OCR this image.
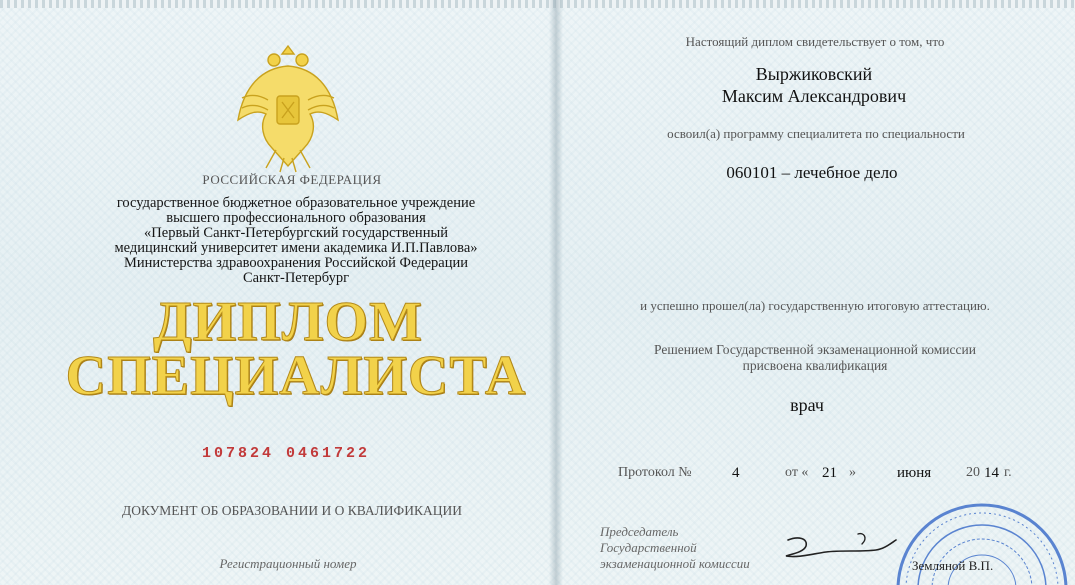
РОССИЙСКАЯ ФЕДЕРАЦИЯ
государственное бюджетное образовательное учреждение
высшего профессионального образования
«Первый Санкт-Петербургский государственный
медицинский университет имени академика И.П.Павлова»
Министерства здравоохранения Российской Федерации
Санкт-Петербург
ДИПЛОМ
СПЕЦИАЛИСТА
107824 0461722
ДОКУМЕНТ ОБ ОБРАЗОВАНИИ И О КВАЛИФИКАЦИИ
Регистрационный номер
Настоящий диплом свидетельствует о том, что
Выржиковский
Максим Александрович
освоил(а) программу специалитета по специальности
060101 – лечебное дело
и успешно прошел(ла) государственную итоговую аттестацию.
Решением Государственной экзаменационной комиссии
присвоена квалификация
врач
Протокол №	4	от « 21 »	июня 20 14 г.
Председатель
Государственной
экзаменационной комиссии	Земляной В.П.
